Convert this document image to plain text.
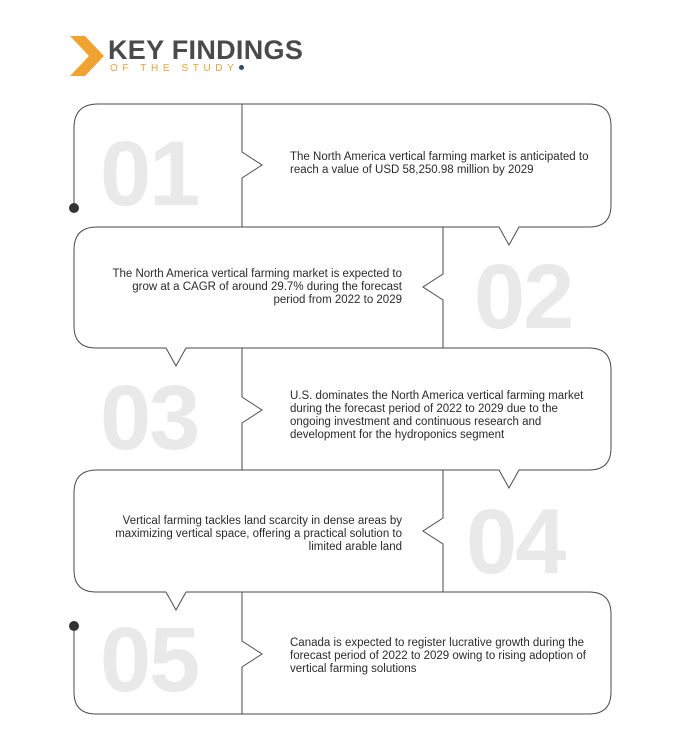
KEY FINDINGS
OF THE STUDY
01
02
03
04
05
The North America vertical farming market is anticipated to reach a value of USD 58,250.98 million by 2029
The North America vertical farming market is expected to grow at a CAGR of around 29.7% during the forecast period from 2022 to 2029
U.S. dominates the North America vertical farming market during the forecast period of 2022 to 2029 due to the ongoing investment and continuous research and development for the hydroponics segment
Vertical farming tackles land scarcity in dense areas by maximizing vertical space, offering a practical solution to limited arable land
Canada is expected to register lucrative growth during the forecast period of 2022 to 2029 owing to rising adoption of vertical farming solutions
